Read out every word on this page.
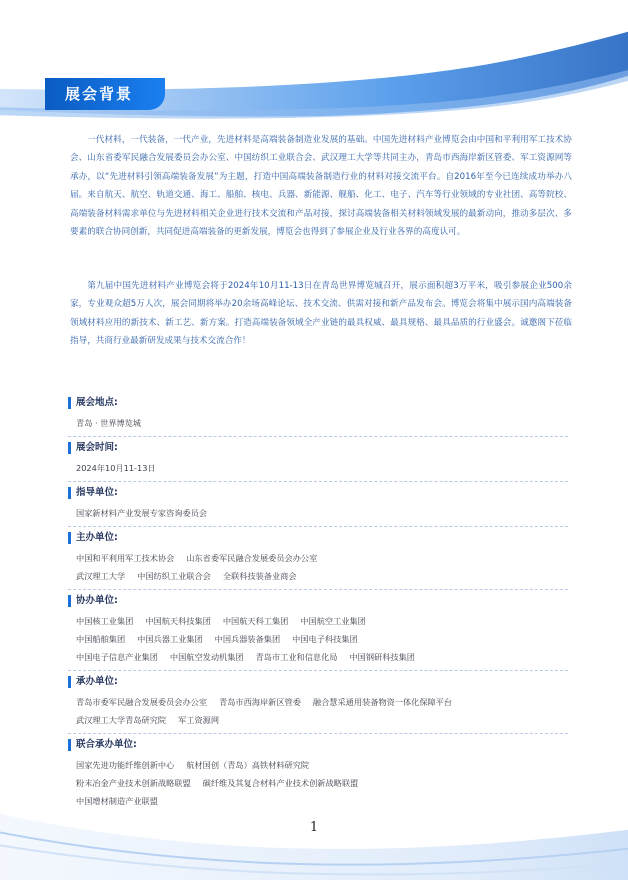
展会背景

一代材料，一代装备，一代产业，先进材料是高端装备制造业发展的基础。中国先进材料产业博览会由中国和平利用军工技术协会、山东省委军民融合发展委员会办公室、中国纺织工业联合会、武汉理工大学等共同主办，青岛市西海岸新区管委、军工资源网等承办，以“先进材料引领高端装备发展”为主题，打造中国高端装备制造行业的材料对接交流平台。自2016年至今已连续成功举办八届。来自航天、航空、轨道交通、海工、船舶、核电、兵器、新能源、舰船、化工、电子、汽车等行业领域的专业社团、高等院校、高端装备材料需求单位与先进材料相关企业进行技术交流和产品对接，探讨高端装备相关材料领域发展的最新动向，推动多层次、多要素的联合协同创新，共同促进高端装备的更新发展，博览会也得到了参展企业及行业各界的高度认可。

第九届中国先进材料产业博览会将于2024年10月11-13日在青岛世界博览城召开，展示面积超3万平米，吸引参展企业500余家，专业观众超5万人次，展会同期将举办20余场高峰论坛、技术交流、供需对接和新产品发布会。博览会将集中展示国内高端装备领域材料应用的新技术、新工艺、新方案。打造高端装备领域全产业链的最具权威、最具规格、最具品质的行业盛会。诚邀阁下莅临指导，共商行业最新研发成果与技术交流合作！

展会地点:
青岛 · 世界博览城
展会时间:
2024年10月11-13日
指导单位:
国家新材料产业发展专家咨询委员会
主办单位:
中国和平利用军工技术协会 山东省委军民融合发展委员会办公室
武汉理工大学 中国纺织工业联合会 全联科技装备业商会
协办单位:
中国核工业集团 中国航天科技集团 中国航天科工集团 中国航空工业集团
中国船舶集团 中国兵器工业集团 中国兵器装备集团 中国电子科技集团
中国电子信息产业集团 中国航空发动机集团 青岛市工业和信息化局 中国钢研科技集团
承办单位:
青岛市委军民融合发展委员会办公室 青岛市西海岸新区管委 融合慧采通用装备物资一体化保障平台
武汉理工大学青岛研究院 军工资源网
联合承办单位:
国家先进功能纤维创新中心 航材国创（青岛）高铁材料研究院
粉末冶金产业技术创新战略联盟 碳纤维及其复合材料产业技术创新战略联盟
中国增材制造产业联盟
1
